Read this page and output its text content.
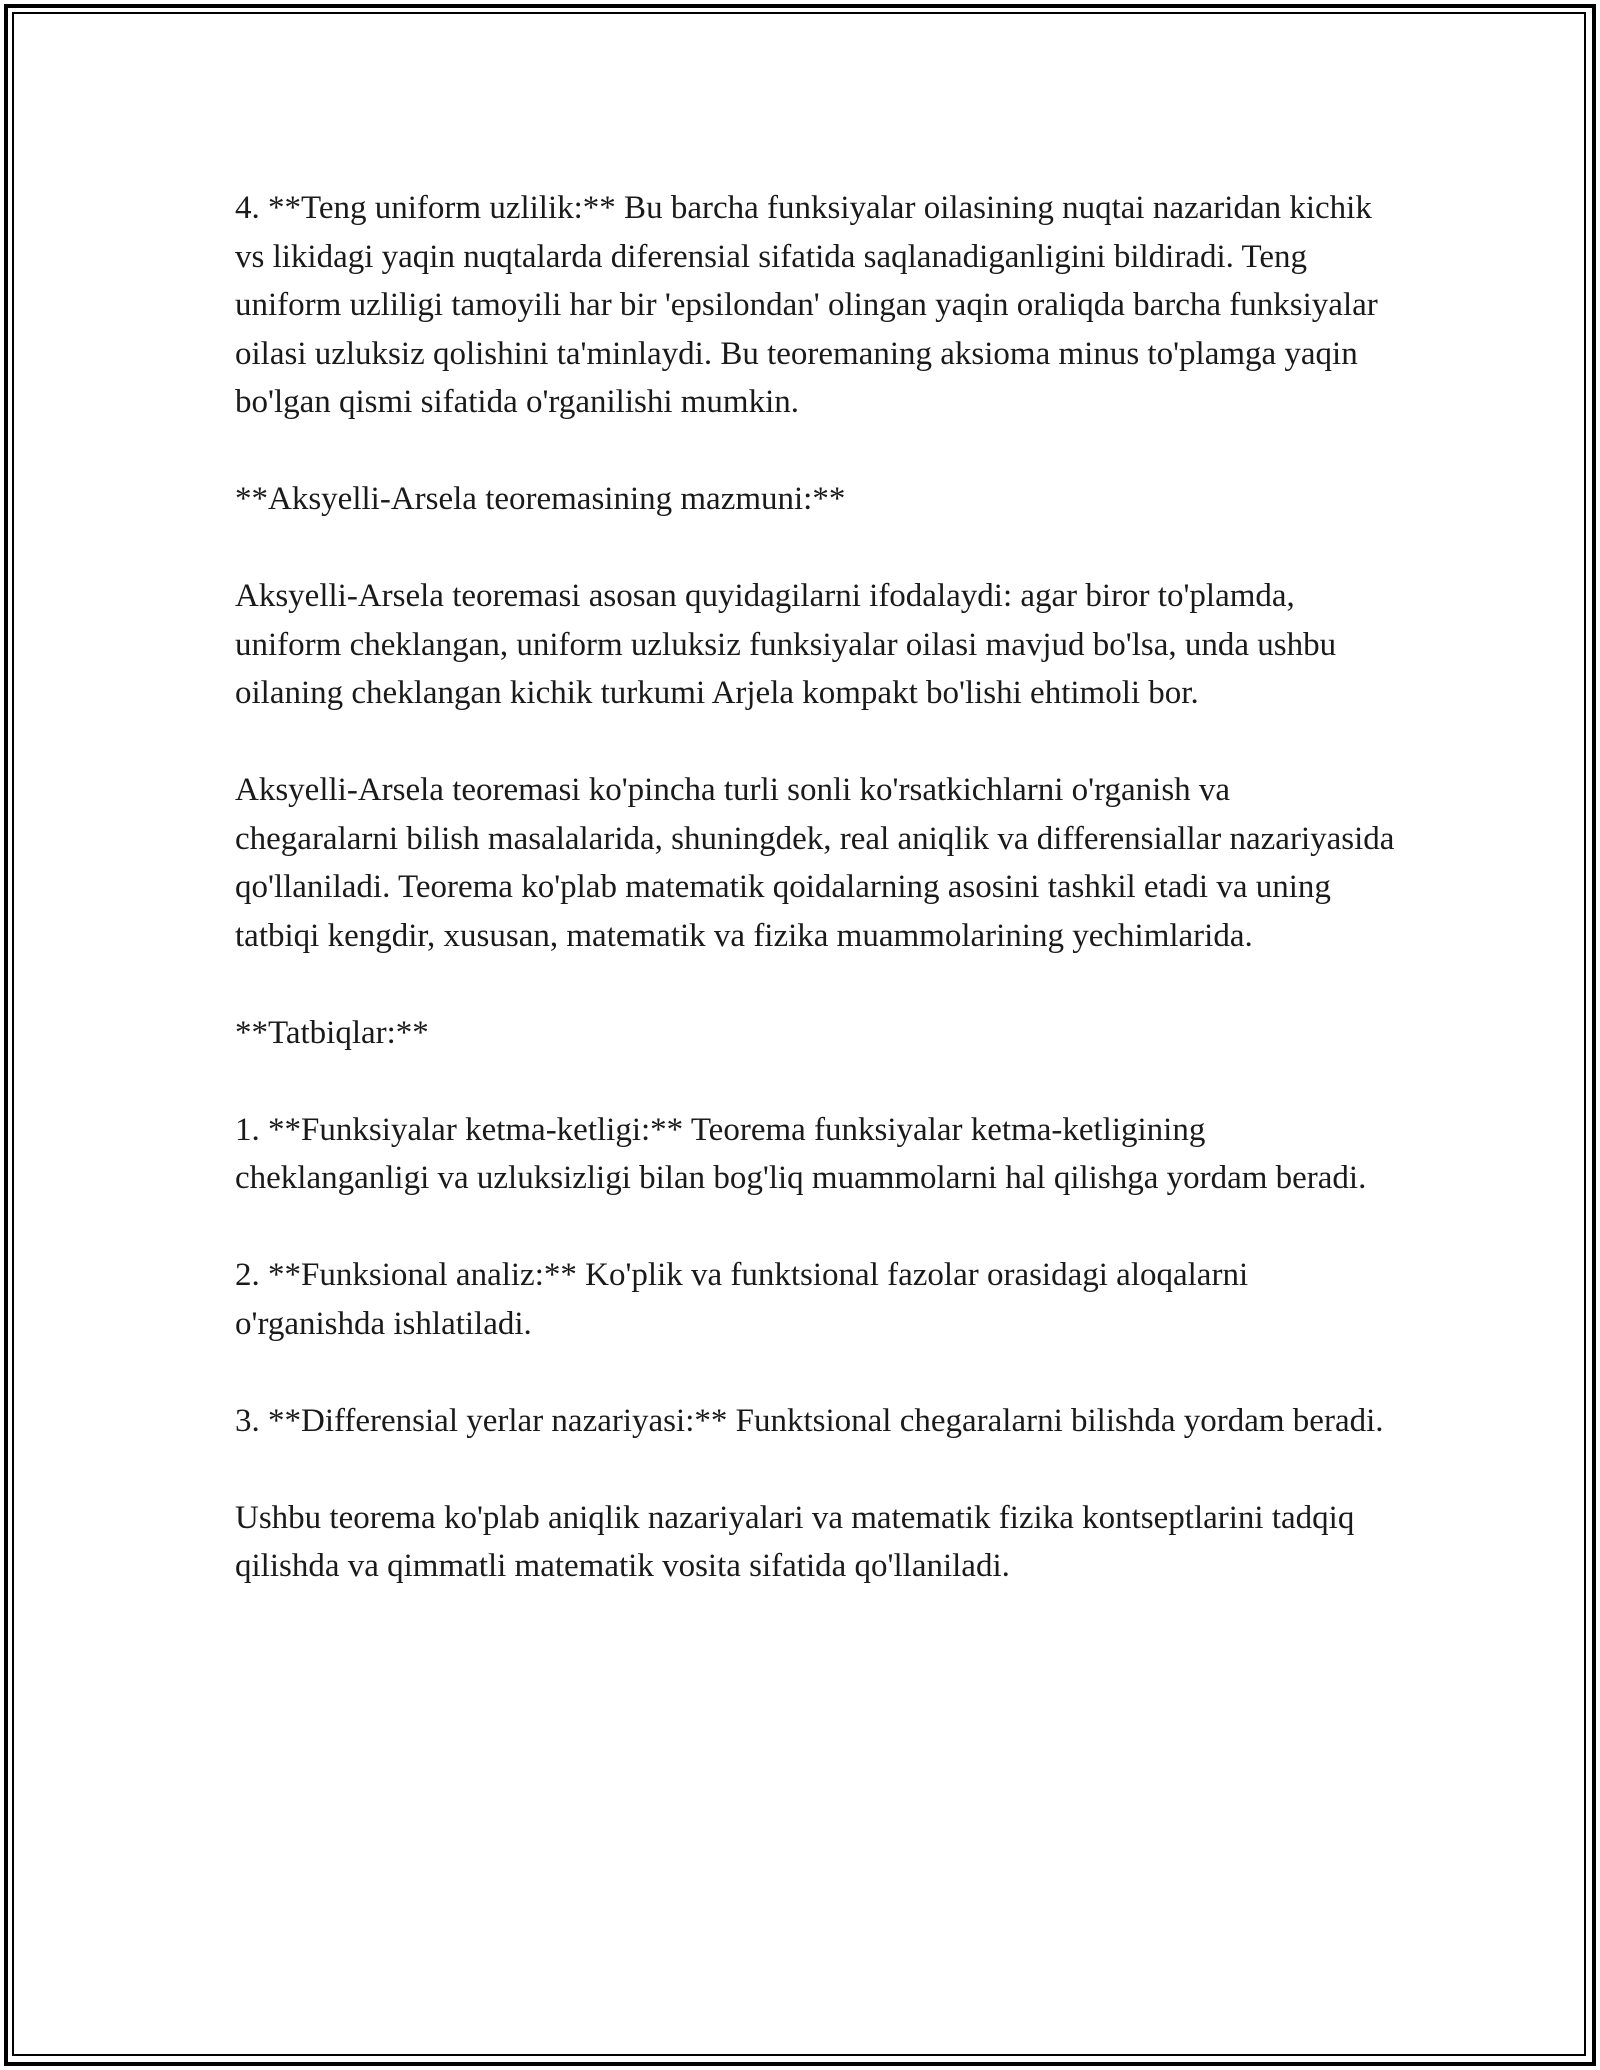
4. **Teng uniform uzlilik:** Bu barcha funksiyalar oilasining nuqtai nazaridan kichik vs likidagi yaqin nuqtalarda diferensial sifatida saqlanadiganligini bildiradi. Teng uniform uzliligi tamoyili har bir 'epsilondan' olingan yaqin oraliqda barcha funksiyalar oilasi uzluksiz qolishini ta'minlaydi. Bu teoremaning aksioma minus to'plamga yaqin bo'lgan qismi sifatida o'rganilishi mumkin.

**Aksyelli-Arsela teoremasining mazmuni:**

Aksyelli-Arsela teoremasi asosan quyidagilarni ifodalaydi: agar biror to'plamda, uniform cheklangan, uniform uzluksiz funksiyalar oilasi mavjud bo'lsa, unda ushbu oilaning cheklangan kichik turkumi Arjela kompakt bo'lishi ehtimoli bor.

Aksyelli-Arsela teoremasi ko'pincha turli sonli ko'rsatkichlarni o'rganish va chegaralarni bilish masalalarida, shuningdek, real aniqlik va differensiallar nazariyasida qo'llaniladi. Teorema ko'plab matematik qoidalarning asosini tashkil etadi va uning tatbiqi kengdir, xususan, matematik va fizika muammolarining yechimlarida.

**Tatbiqlar:**

1. **Funksiyalar ketma-ketligi:** Teorema funksiyalar ketma-ketligining cheklanganligi va uzluksizligi bilan bog'liq muammolarni hal qilishga yordam beradi.

2. **Funksional analiz:** Ko'plik va funktsional fazolar orasidagi aloqalarni o'rganishda ishlatiladi.

3. **Differensial yerlar nazariyasi:** Funktsional chegaralarni bilishda yordam beradi.

Ushbu teorema ko'plab aniqlik nazariyalari va matematik fizika kontseptlarini tadqiq qilishda va qimmatli matematik vosita sifatida qo'llaniladi.
